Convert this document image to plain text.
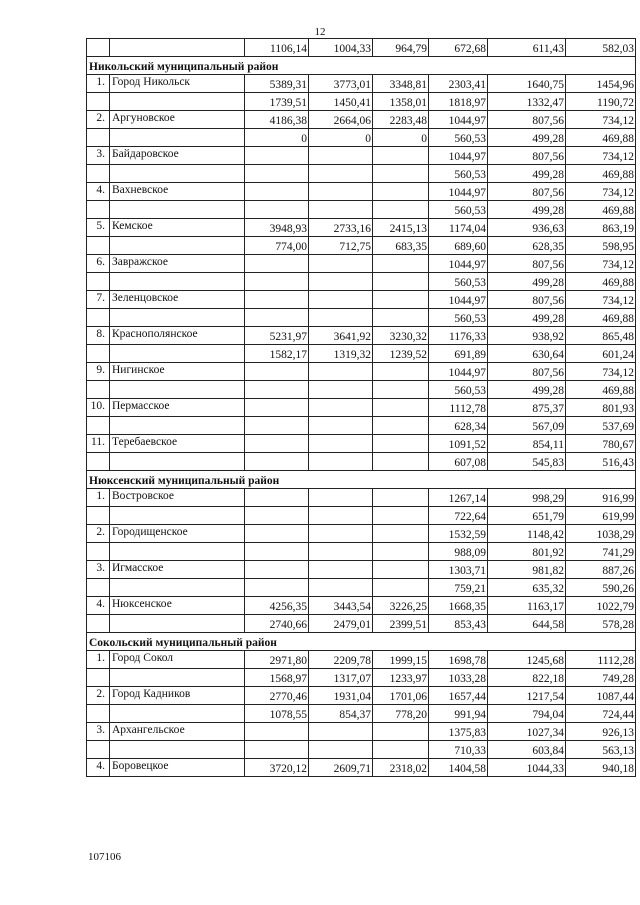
12
		1106,14	1004,33	964,79	672,68	611,43	582,03
Никольский муниципальный район							
1.	Город Никольск	5389,31	3773,01	3348,81	2303,41	1640,75	1454,96
		1739,51	1450,41	1358,01	1818,97	1332,47	1190,72
2.	Аргуновское	4186,38	2664,06	2283,48	1044,97	807,56	734,12
		0	0	0	560,53	499,28	469,88
3.	Байдаровское				1044,97	807,56	734,12
					560,53	499,28	469,88
4.	Вахневское				1044,97	807,56	734,12
					560,53	499,28	469,88
5.	Кемское	3948,93	2733,16	2415,13	1174,04	936,63	863,19
		774,00	712,75	683,35	689,60	628,35	598,95
6.	Завражское				1044,97	807,56	734,12
					560,53	499,28	469,88
7.	Зеленцовское				1044,97	807,56	734,12
					560,53	499,28	469,88
8.	Краснополянское	5231,97	3641,92	3230,32	1176,33	938,92	865,48
		1582,17	1319,32	1239,52	691,89	630,64	601,24
9.	Нигинское				1044,97	807,56	734,12
					560,53	499,28	469,88
10.	Пермасское				1112,78	875,37	801,93
					628,34	567,09	537,69
11.	Теребаевское				1091,52	854,11	780,67
					607,08	545,83	516,43
Нюксенский муниципальный район							
1.	Востровское				1267,14	998,29	916,99
					722,64	651,79	619,99
2.	Городищенское				1532,59	1148,42	1038,29
					988,09	801,92	741,29
3.	Игмасское				1303,71	981,82	887,26
					759,21	635,32	590,26
4.	Нюксенское	4256,35	3443,54	3226,25	1668,35	1163,17	1022,79
		2740,66	2479,01	2399,51	853,43	644,58	578,28
Сокольский муниципальный район							
1.	Город Сокол	2971,80	2209,78	1999,15	1698,78	1245,68	1112,28
		1568,97	1317,07	1233,97	1033,28	822,18	749,28
2.	Город Кадников	2770,46	1931,04	1701,06	1657,44	1217,54	1087,44
		1078,55	854,37	778,20	991,94	794,04	724,44
3.	Архангельское				1375,83	1027,34	926,13
					710,33	603,84	563,13
4.	Боровецкое	3720,12	2609,71	2318,02	1404,58	1044,33	940,18
107106
